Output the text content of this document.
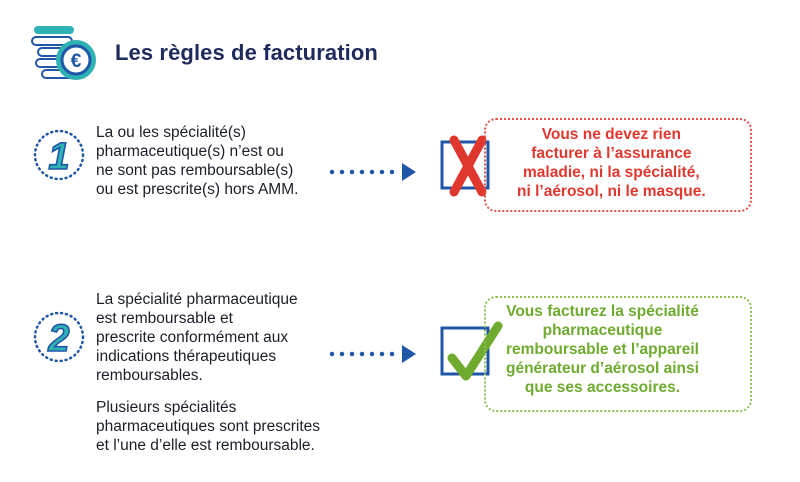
€ Les règles de facturation
1

La ou les spécialité(s)
pharmaceutique(s) n’est ou
ne sont pas remboursable(s)
ou est prescrite(s) hors AMM.

Vous ne devez rien
facturer à l’assurance
maladie, ni la spécialité,
ni l’aérosol, ni le masque.

2

La spécialité pharmaceutique
est remboursable et
prescrite conformément aux
indications thérapeutiques
remboursables.

Plusieurs spécialités
pharmaceutiques sont prescrites
et l’une d’elle est remboursable.

Vous facturez la spécialité
pharmaceutique
remboursable et l’appareil
générateur d’aérosol ainsi
que ses accessoires.
